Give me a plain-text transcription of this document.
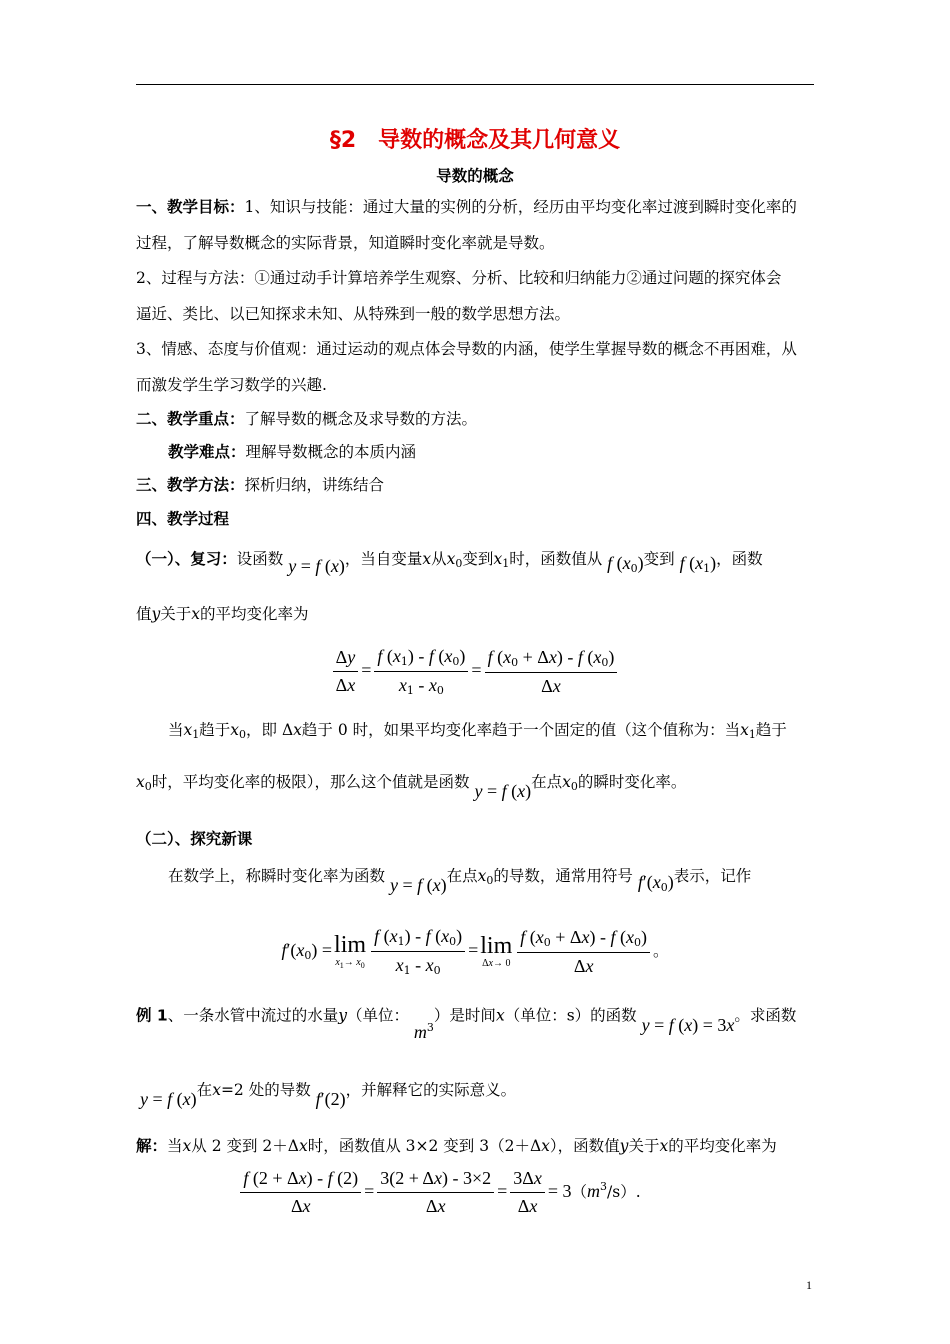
§2　导数的概念及其几何意义
导数的概念
一、教学目标：1、知识与技能：通过大量的实例的分析，经历由平均变化率过渡到瞬时变化率的
过程，了解导数概念的实际背景，知道瞬时变化率就是导数。
2、过程与方法：①通过动手计算培养学生观察、分析、比较和归纳能力②通过问题的探究体会
逼近、类比、以已知探求未知、从特殊到一般的数学思想方法。
3、情感、态度与价值观：通过运动的观点体会导数的内涵，使学生掌握导数的概念不再困难，从
而激发学生学习数学的兴趣.
二、教学重点：了解导数的概念及求导数的方法。
教学难点：理解导数概念的本质内涵
三、教学方法：探析归纳，讲练结合
四、教学过程
（一）、复习：设函数 y = f (x)，当自变量x从$x_0$变到$x_1$时，函数值从 f $(x_0)$变到 f $(x_1)$，函数
值y关于x的平均变化率为
$\frac{\Delta y}{\Delta x} = \frac{f (x_1) - f (x_0)}{x_1 - x_0} = \frac{f (x_0 + \Delta x) - f (x_0)}{\Delta x}$
当$x_1$趋于$x_0$，即 Δx趋于 0 时，如果平均变化率趋于一个固定的值（这个值称为：当$x_1$趋于
$x_0$时，平均变化率的极限），那么这个值就是函数 y = f (x)在点$x_0$的瞬时变化率。
（二）、探究新课
在数学上，称瞬时变化率为函数 y = f (x)在点$x_0$的导数，通常用符号 $f'(x_0)$表示，记作
$f'(x_0) = \lim$
$x_1\to x_0 \frac{f (x_1) - f (x_0)}{x_1 - x_0} = \lim$
$\Delta x\to 0 \frac{f (x_0 + \Delta x) - f (x_0)}{\Delta x}$ 。
例 1、一条水管中流过的水量y（单位： $m^3$）是时间x（单位：s）的函数 y = f (x) = 3x。求函数
y = f (x)在x=2 处的导数 f′(2)，并解释它的实际意义。
解：当x从 2 变到 2＋Δx时，函数值从 3×2 变到 3（2＋Δx），函数值y关于x的平均变化率为
$\frac{f (2 + \Delta x) - f (2)}{\Delta x} = \frac{3(2 + \Delta x) - 3\times 2}{\Delta x} = \frac{3\Delta x}{\Delta x} = 3(m^3/s)$.
1
